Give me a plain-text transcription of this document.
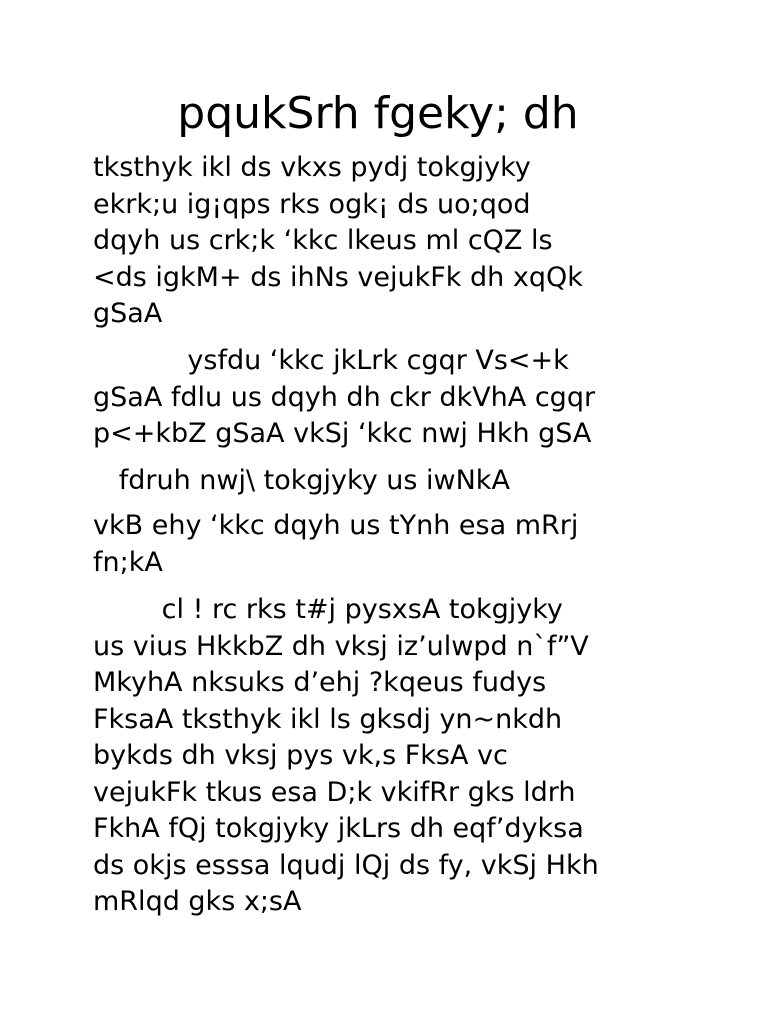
pqukSrh fgeky; dh
tksthyk ikl ds vkxs pydj tokgjyky
ekrk;u ig¡qps rks ogk¡ ds uo;qod
dqyh us crk;k ‘kkc lkeus ml cQZ ls
<ds igkM+ ds ihNs vejukFk dh xqQk
gSaA
ysfdu ‘kkc jkLrk cgqr Vs<+k
gSaA fdlu us dqyh dh ckr dkVhA cgqr
p<+kbZ gSaA vkSj ‘kkc nwj Hkh gSA
fdruh nwj\ tokgjyky us iwNkA
vkB ehy ‘kkc dqyh us tYnh esa mRrj
fn;kA
cl ! rc rks t#j pysxsA tokgjyky
us vius HkkbZ dh vksj iz’ulwpd n`f”V
MkyhA nksuks d’ehj ?kqeus fudys
FksaA tksthyk ikl ls gksdj yn~nkdh
bykds dh vksj pys vk,s FksA vc
vejukFk tkus esa D;k vkifRr gks ldrh
FkhA fQj tokgjyky jkLrs dh eqf’dyksa
ds okjs esssa lqudj lQj ds fy, vkSj Hkh
mRlqd gks x;sA
